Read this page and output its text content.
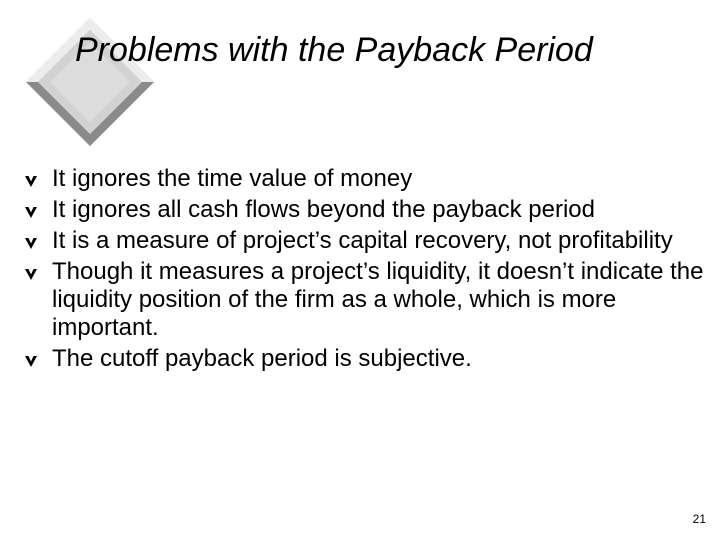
Problems with the Payback Period
It ignores the time value of money
It ignores all cash flows beyond the payback period
It is a measure of project’s capital recovery, not profitability
Though it measures a project’s liquidity, it doesn’t indicate the liquidity position of the firm as a whole, which is more important.
The cutoff payback period is subjective.
21
